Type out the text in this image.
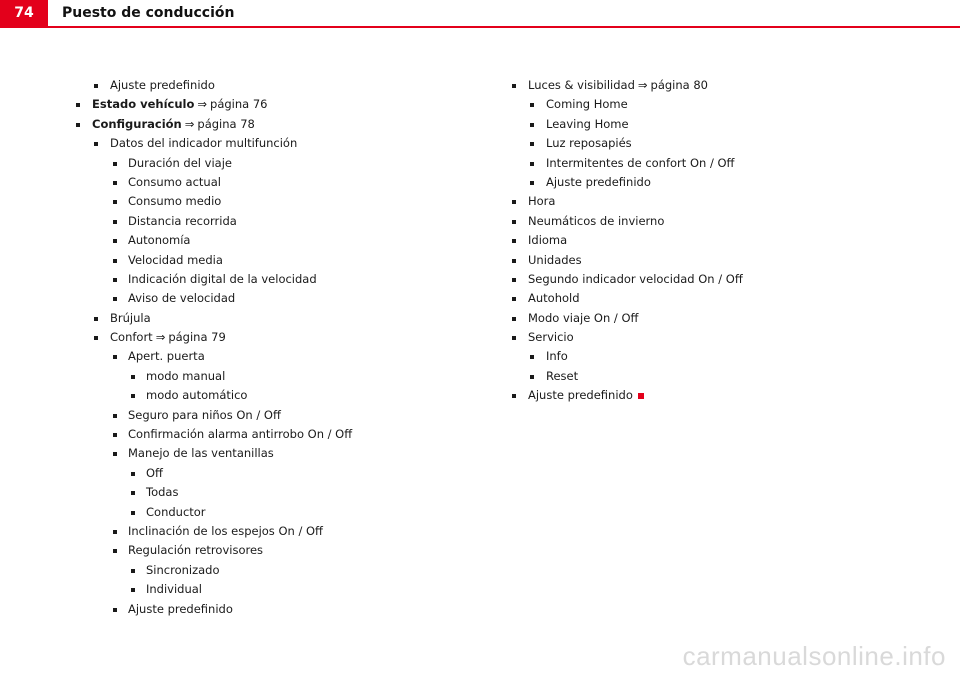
74	Puesto de conducción
Ajuste predefinido
Estado vehículo ⇒ página 76
Configuración ⇒ página 78
Datos del indicador multifunción
Duración del viaje
Consumo actual
Consumo medio
Distancia recorrida
Autonomía
Velocidad media
Indicación digital de la velocidad
Aviso de velocidad
Brújula
Confort ⇒ página 79
Apert. puerta
modo manual
modo automático
Seguro para niños On / Off
Confirmación alarma antirrobo On / Off
Manejo de las ventanillas
Off
Todas
Conductor
Inclinación de los espejos On / Off
Regulación retrovisores
Sincronizado
Individual
Ajuste predefinido
Luces & visibilidad ⇒ página 80
Coming Home
Leaving Home
Luz reposapiés
Intermitentes de confort On / Off
Ajuste predefinido
Hora
Neumáticos de invierno
Idioma
Unidades
Segundo indicador velocidad On / Off
Autohold
Modo viaje On / Off
Servicio
Info
Reset
Ajuste predefinido
carmanualsonline.info
